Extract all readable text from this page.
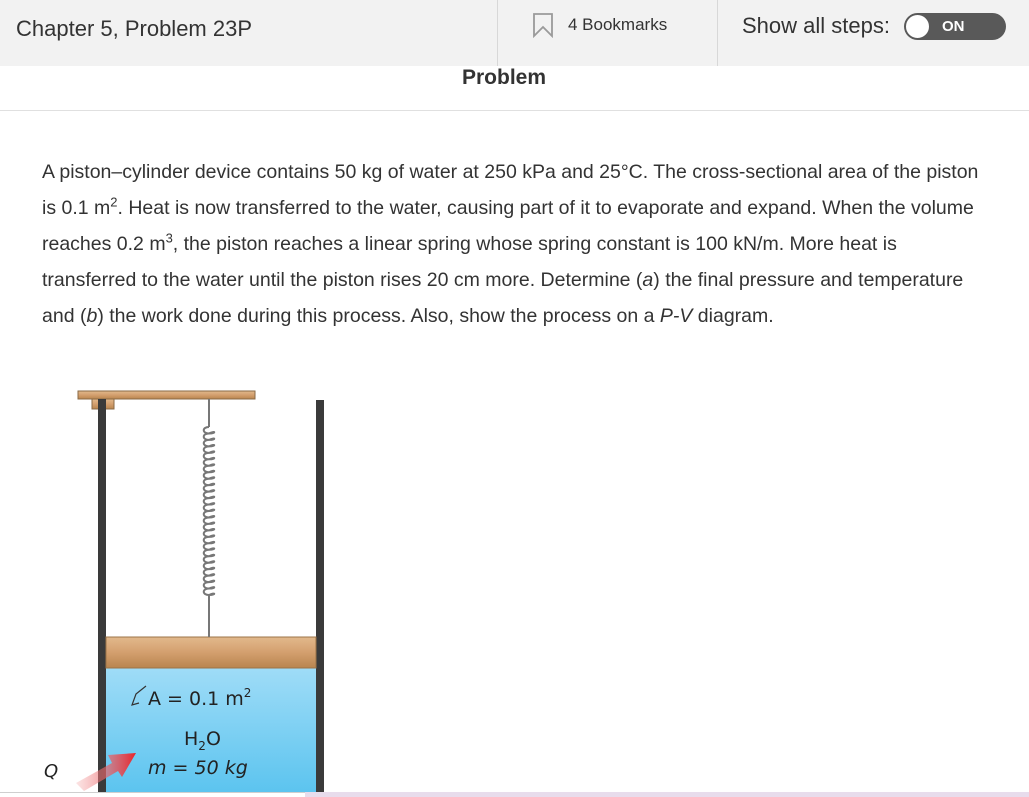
Chapter 5, Problem 23P	4 Bookmarks	Show all steps:	ON
Problem

A piston–cylinder device contains 50 kg of water at 250 kPa and 25°C. The cross-sectional area of the piston is 0.1 $m^2$. Heat is now transferred to the water, causing part of it to evaporate and expand. When the volume reaches 0.2 $m^3$, the piston reaches a linear spring whose spring constant is 100 kN/m. More heat is transferred to the water until the piston rises 20 cm more. Determine (a) the final pressure and temperature and (b) the work done during this process. Also, show the process on a P-V diagram.

A = 0.1 $m^2$
$H_2O$
m = 50 kg
Q
